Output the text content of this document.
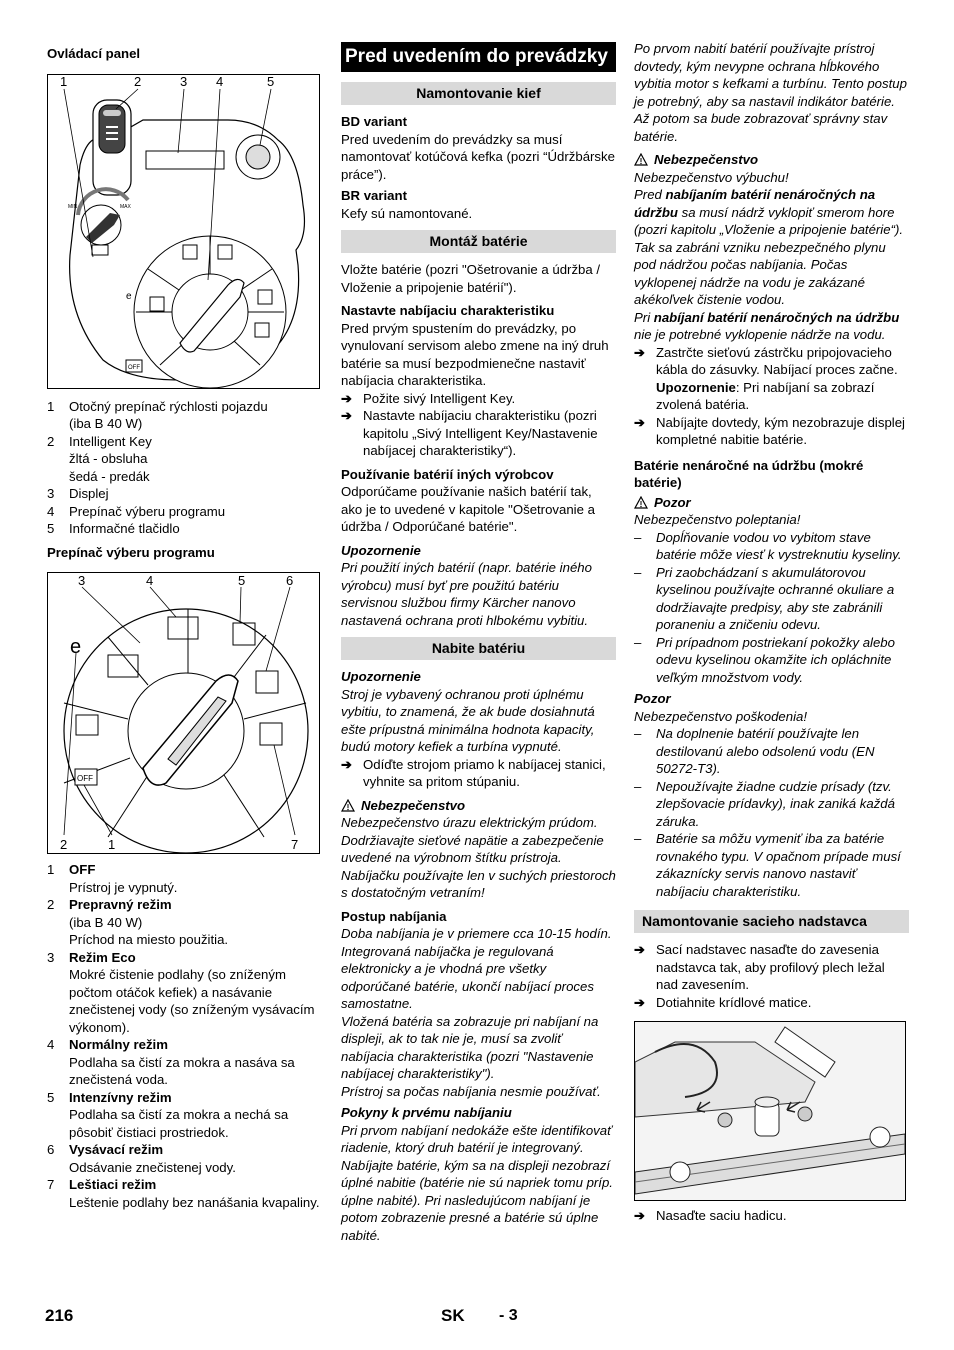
Ovládací panel

1	2	3 4	5
MIN	MAX
e
OFF
1	Otočný prepínač rýchlosti pojazdu
(iba B 40 W)
2	Intelligent Key
žltá - obsluha
šedá - predák
3	Displej
4	Prepínač výberu programu
5	Informačné tlačidlo

Prepínač výberu programu

3	4	5	6
2	1	7
e
OFF
1	OFF
Prístroj je vypnutý.
2	Prepravný režim
(iba B 40 W)
Príchod na miesto použitia.
3	Režim Eco
Mokré čistenie podlahy (so zníženým počtom otáčok kefiek) a nasávanie znečistenej vody (so zníženým vysávacím výkonom).
4	Normálny režim
Podlaha sa čistí za mokra a nasáva sa znečistená voda.
5	Intenzívny režim
Podlaha sa čistí za mokra a nechá sa pôsobiť čistiaci prostriedok.
6	Vysávací režim
Odsávanie znečistenej vody.
7	Leštiaci režim
Leštenie podlahy bez nanášania kvapaliny.
Pred uvedením do prevádzky
Namontovanie kief

BD variant

Pred uvedením do prevádzky sa musí namontovať kotúčová kefka (pozri “Údržbárske práce”).

BR variant

Kefy sú namontované.

Montáž batérie

Vložte batérie (pozri "Ošetrovanie a údržba / Vloženie a pripojenie batérií").

Nastavte nabíjaciu charakteristiku

Pred prvým spustením do prevádzky, po vynulovaní servisom alebo zmene na iný druh batérie sa musí bezpodmienečne nastaviť nabíjacia charakteristika.

➔ Požite sivý Intelligent Key.
➔ Nastavte nabíjaciu charakteristiku (pozri kapitolu „Sivý Intelligent Key/Nastavenie nabíjacej charakteristiky“).

Používanie batérií iných výrobcov

Odporúčame používanie našich batérií tak, ako je to uvedené v kapitole "Ošetrovanie a údržba / Odporúčané batérie".

Upozornenie

Pri použití iných batérií (napr. batérie iného výrobcu) musí byť pre použitú batériu servisnou službou firmy Kärcher nanovo nastavená ochrana proti hlbokému vybitiu.

Nabite batériu

Upozornenie

Stroj je vybavený ochranou proti úplnému vybitiu, to znamená, že ak bude dosiahnutá ešte prípustná minimálna hodnota kapacity, budú motory kefiek a turbína vypnuté.

➔ Odíďte strojom priamo k nabíjacej stanici, vyhnite sa pritom stúpaniu.
Nebezpečenstvo

Nebezpečenstvo úrazu elektrickým prúdom. Dodržiavajte sieťové napätie a zabezpečenie uvedené na výrobnom štítku prístroja.

Nabíjačku používajte len v suchých priestoroch s dostatočným vetraním!

Postup nabíjania

Doba nabíjania je v priemere cca 10-15 hodín.

Integrovaná nabíjačka je regulovaná elektronicky a je vhodná pre všetky odporúčané batérie, ukončí nabíjací proces samostatne.

Vložená batéria sa zobrazuje pri nabíjaní na displeji, ak to tak nie je, musí sa zvoliť nabíjacia charakteristika (pozri "Nastavenie nabíjacej charakteristiky").

Prístroj sa počas nabíjania nesmie používať.

Pokyny k prvému nabíjaniu

Pri prvom nabíjaní nedokáže ešte identifikovať riadenie, ktorý druh batérií je integrovaný. Nabíjajte batérie, kým sa na displeji nezobrazí úplné nabitie (batérie nie sú napriek tomu príp. úplne nabité). Pri nasledujúcom nabíjaní je potom zobrazenie presné a batérie sú úplne nabité.

Po prvom nabití batérií používajte prístroj dovtedy, kým nevypne ochrana hĺbkového vybitia motor s kefkami a turbínu. Tento postup je potrebný, aby sa nastavil indikátor batérie. Až potom sa bude zobrazovať správny stav batérie.

Nebezpečenstvo

Nebezpečenstvo výbuchu!

Pred nabíjaním batérií nenáročných na údržbu sa musí nádrž vyklopiť smerom hore (pozri kapitolu „Vloženie a pripojenie batérie“). Tak sa zabráni vzniku nebezpečného plynu pod nádržou počas nabíjania. Počas vyklopenej nádrže na vodu je zakázané akékoľvek čistenie vodou.

Pri nabíjaní batérií nenáročných na údržbu nie je potrebné vyklopenie nádrže na vodu.

➔ Zastrčte sieťovú zástrčku pripojovacieho kábla do zásuvky. Nabíjací proces začne.
Upozornenie: Pri nabíjaní sa zobrazí zvolená batéria.
➔ Nabíjajte dovtedy, kým nezobrazuje displej kompletné nabitie batérie.

Batérie nenáročné na údržbu (mokré batérie)

Pozor

Nebezpečenstvo poleptania!

–	Dopĺňovanie vodou vo vybitom stave batérie môže viesť k vystreknutiu kyseliny.
–	Pri zaobchádzaní s akumulátorovou kyselinou používajte ochranné okuliare a dodržiavajte predpisy, aby ste zabránili poraneniu a zničeniu odevu.
–	Pri prípadnom postriekaní pokožky alebo odevu kyselinou okamžite ich opláchnite veľkým množstvom vody.

Pozor

Nebezpečenstvo poškodenia!

–	Na doplnenie batérií používajte len destilovanú alebo odsolenú vodu (EN 50272-T3).
–	Nepoužívajte žiadne cudzie prísady (tzv. zlepšovacie prídavky), inak zaniká každá záruka.
–	Batérie sa môžu vymeniť iba za batérie rovnakého typu. V opačnom prípade musí zákaznícky servis nanovo nastaviť nabíjaciu charakteristiku.
Namontovanie sacieho nadstavca
➔ Sací nadstavec nasaďte do zavesenia nadstavca tak, aby profilový plech ležal nad zavesením.
➔ Dotiahnite krídlové matice.
➔ Nasaďte saciu hadicu.
216	SK - 3
